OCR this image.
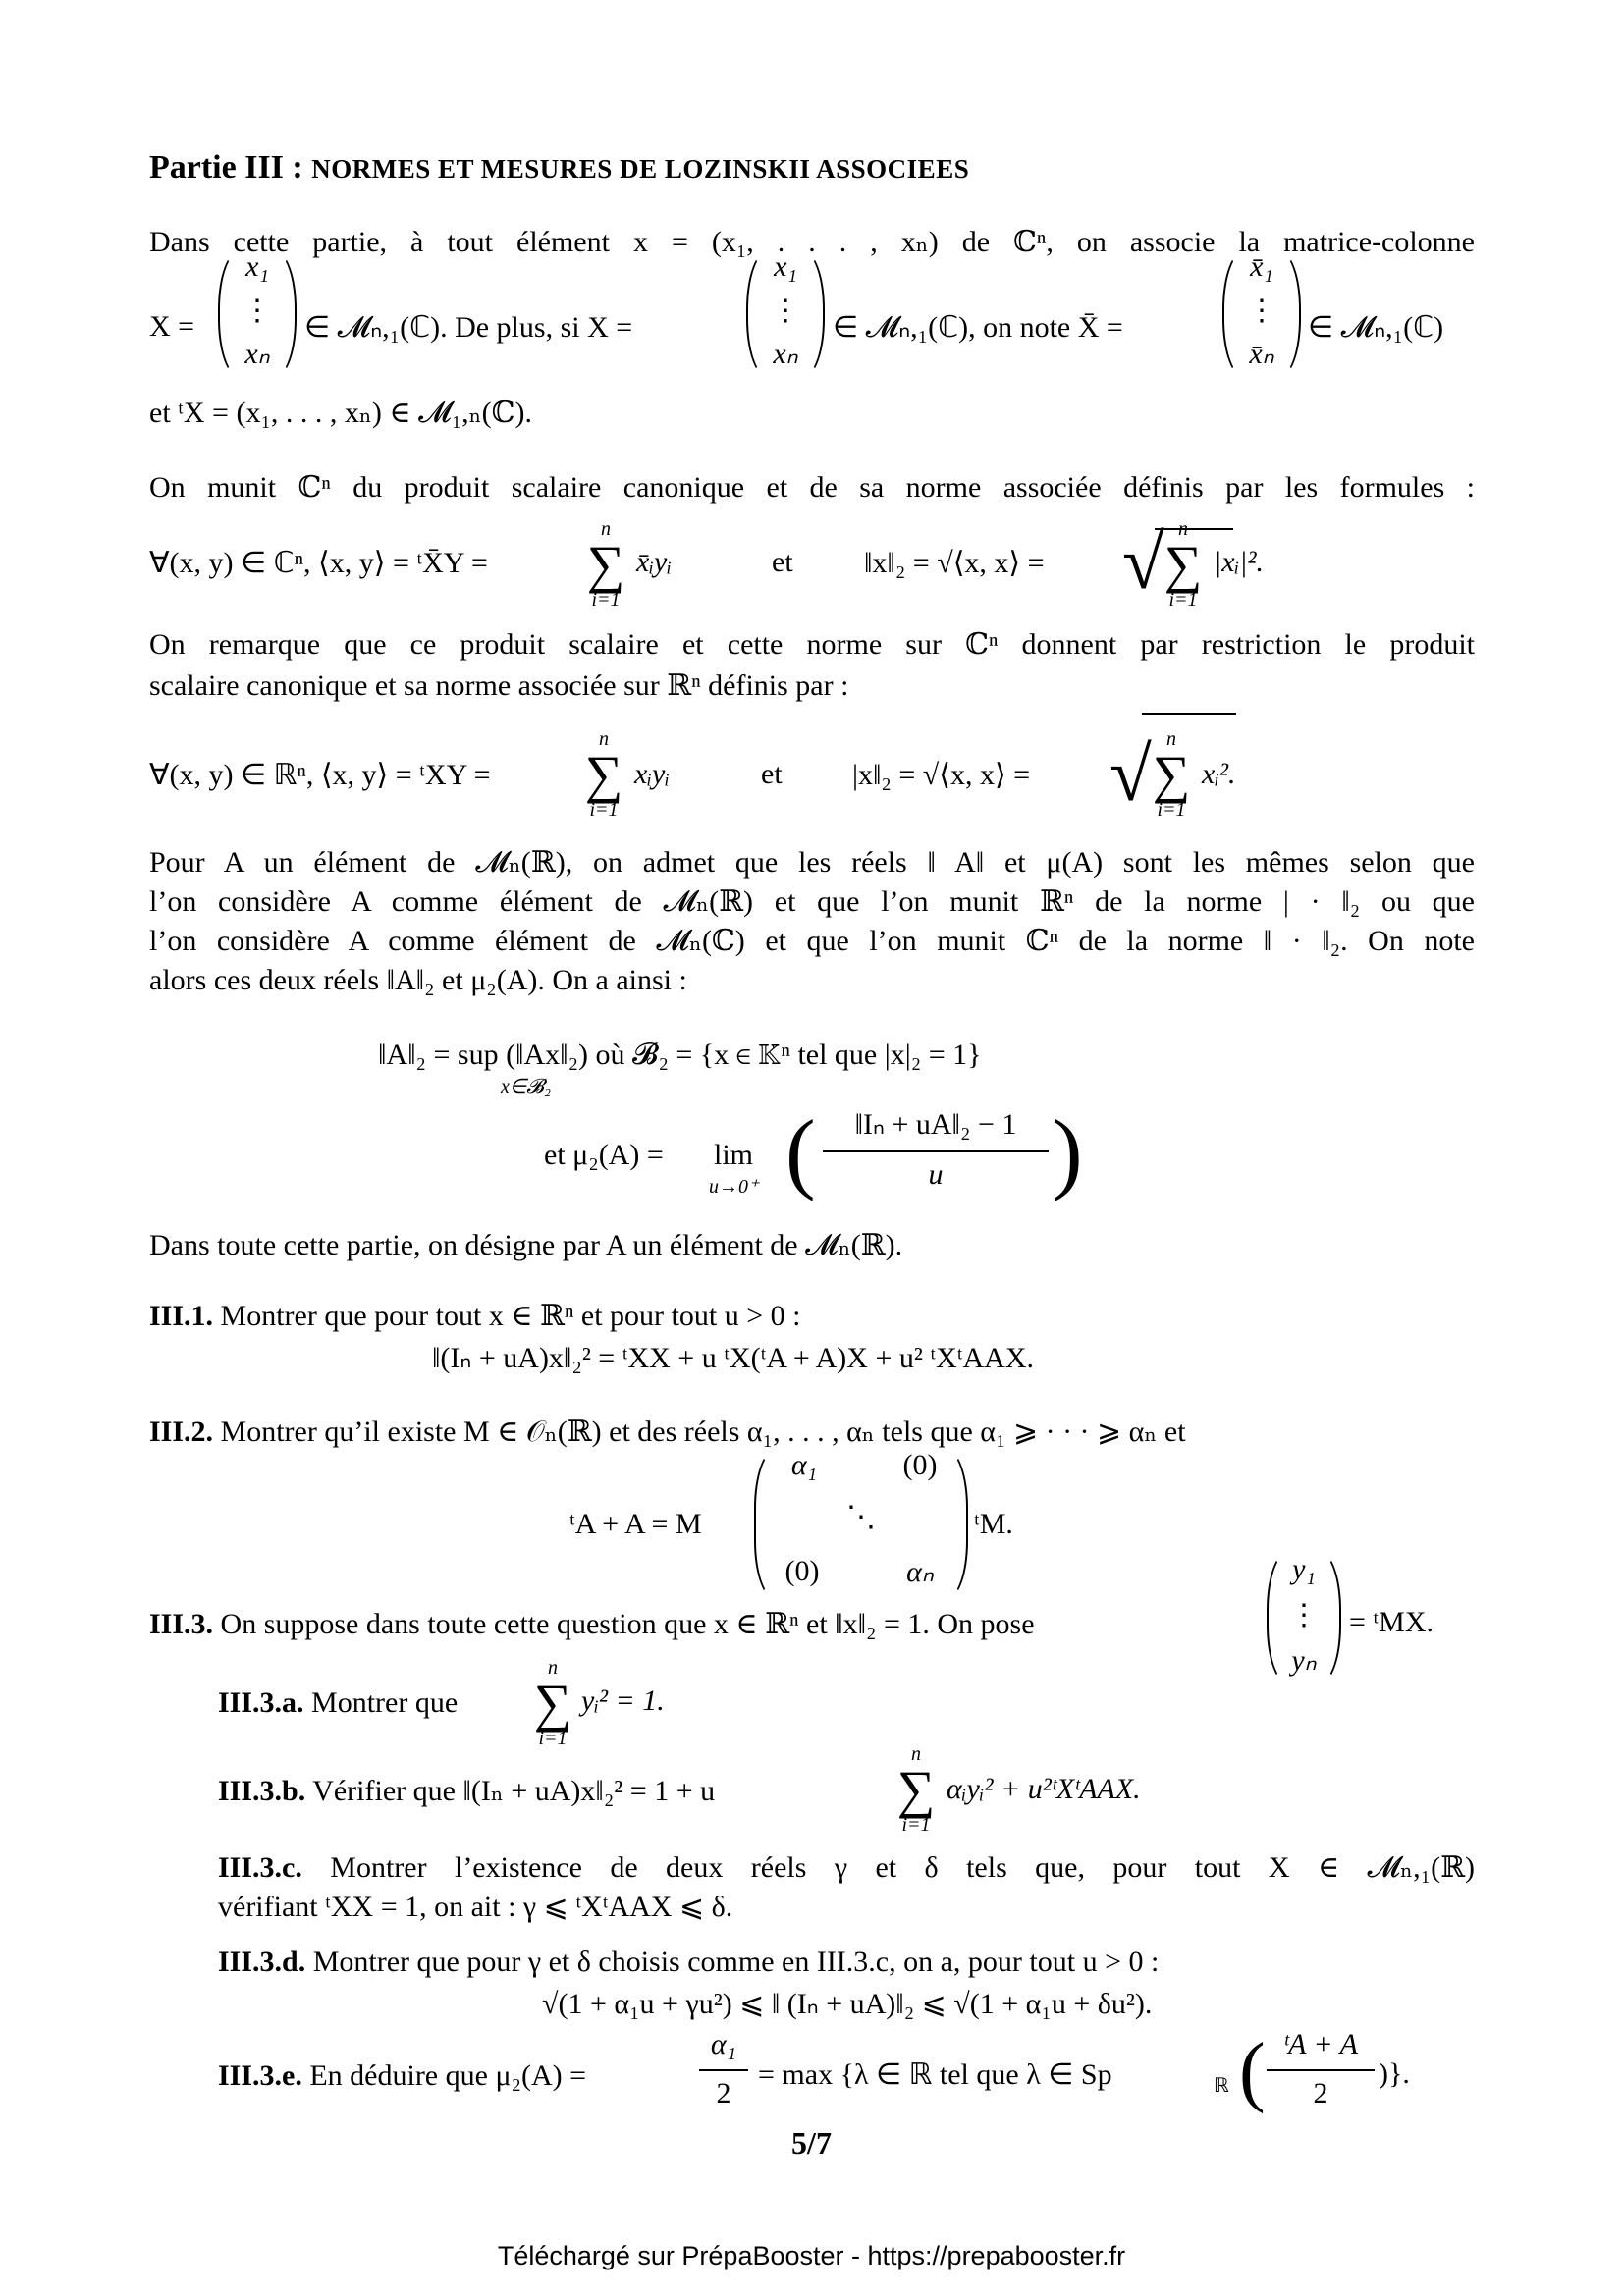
Partie III : NORMES ET MESURES DE LOZINSKII ASSOCIEES
Dans cette partie, à tout élément x = (x₁, . . . , xₙ) de ℂⁿ, on associe la matrice-colonne
X =
x₁
⋮
xₙ
∈ 𝓜ₙ,₁(ℂ). De plus, si X =
x₁
⋮
xₙ
∈ 𝓜ₙ,₁(ℂ), on note X̄ =
x̄₁
⋮
x̄ₙ
∈ 𝓜ₙ,₁(ℂ)
et ᵗX = (x₁, . . . , xₙ) ∈ 𝓜₁,ₙ(ℂ).
On munit ℂⁿ du produit scalaire canonique et de sa norme associée définis par les formules :
∀(x, y) ∈ ℂⁿ, ⟨x, y⟩ = ᵗX̄Y =
n
∑
i=1
x̄ᵢyᵢ	et ‖x‖₂ = √⟨x, x⟩ = √ n
∑
i=1
|xᵢ|².
On remarque que ce produit scalaire et cette norme sur ℂⁿ donnent par restriction le produit
scalaire canonique et sa norme associée sur ℝⁿ définis par :
∀(x, y) ∈ ℝⁿ, ⟨x, y⟩ = ᵗXY =
n
∑
i=1
xᵢyᵢ	et |x‖₂ = √⟨x, x⟩ = √ n
∑
i=1
xᵢ².
Pour A un élément de 𝓜ₙ(ℝ), on admet que les réels ‖ A‖ et μ(A) sont les mêmes selon que
l’on considère A comme élément de 𝓜ₙ(ℝ) et que l’on munit ℝⁿ de la norme | · ‖₂ ou que
l’on considère A comme élément de 𝓜ₙ(ℂ) et que l’on munit ℂⁿ de la norme ‖ · ‖₂. On note
alors ces deux réels ‖A‖₂ et μ₂(A). On a ainsi :
‖A‖₂ = sup (‖Ax‖₂) où 𝓑₂ = {x ∈ 𝕂ⁿ tel que |x|₂ = 1}
x∈𝓑₂
et μ₂(A) = lim
u→0⁺ (	‖Iₙ + uA‖₂ − 1
u	)
Dans toute cette partie, on désigne par A un élément de 𝓜ₙ(ℝ).
III.1. Montrer que pour tout x ∈ ℝⁿ et pour tout u > 0 :
‖(Iₙ + uA)x‖₂² = ᵗXX + u ᵗX(ᵗA + A)X + u² ᵗXᵗAAX.
III.2. Montrer qu’il existe M ∈ 𝒪ₙ(ℝ) et des réels α₁, . . . , αₙ tels que α₁ ⩾ · · · ⩾ αₙ et
ᵗA + A = M
α₁	(0)
⋱
(0)	αₙ
ᵗM.
III.3. On suppose dans toute cette question que x ∈ ℝⁿ et ‖x‖₂ = 1. On pose
y₁
⋮
yₙ
= ᵗMX.
III.3.a. Montrer que
n
∑
i=1
yᵢ² = 1.
III.3.b. Vérifier que ‖(Iₙ + uA)x‖₂² = 1 + u
n
∑
i=1
αᵢyᵢ² + u²ᵗXᵗAAX.
III.3.c. Montrer l’existence de deux réels γ et δ tels que, pour tout X ∈ 𝓜ₙ,₁(ℝ)
vérifiant ᵗXX = 1, on ait : γ ⩽ ᵗXᵗAAX ⩽ δ.
III.3.d. Montrer que pour γ et δ choisis comme en III.3.c, on a, pour tout u > 0 :
√(1 + α₁u + γu²) ⩽ ‖ (Iₙ + uA)‖₂ ⩽ √(1 + α₁u + δu²).
III.3.e. En déduire que μ₂(A) =
α₁
2
= max {λ ∈ ℝ tel que λ ∈ Sp	ℝ ( ᵗA + A
2
)}.
5/7
Téléchargé sur PrépaBooster - https://prepabooster.fr
